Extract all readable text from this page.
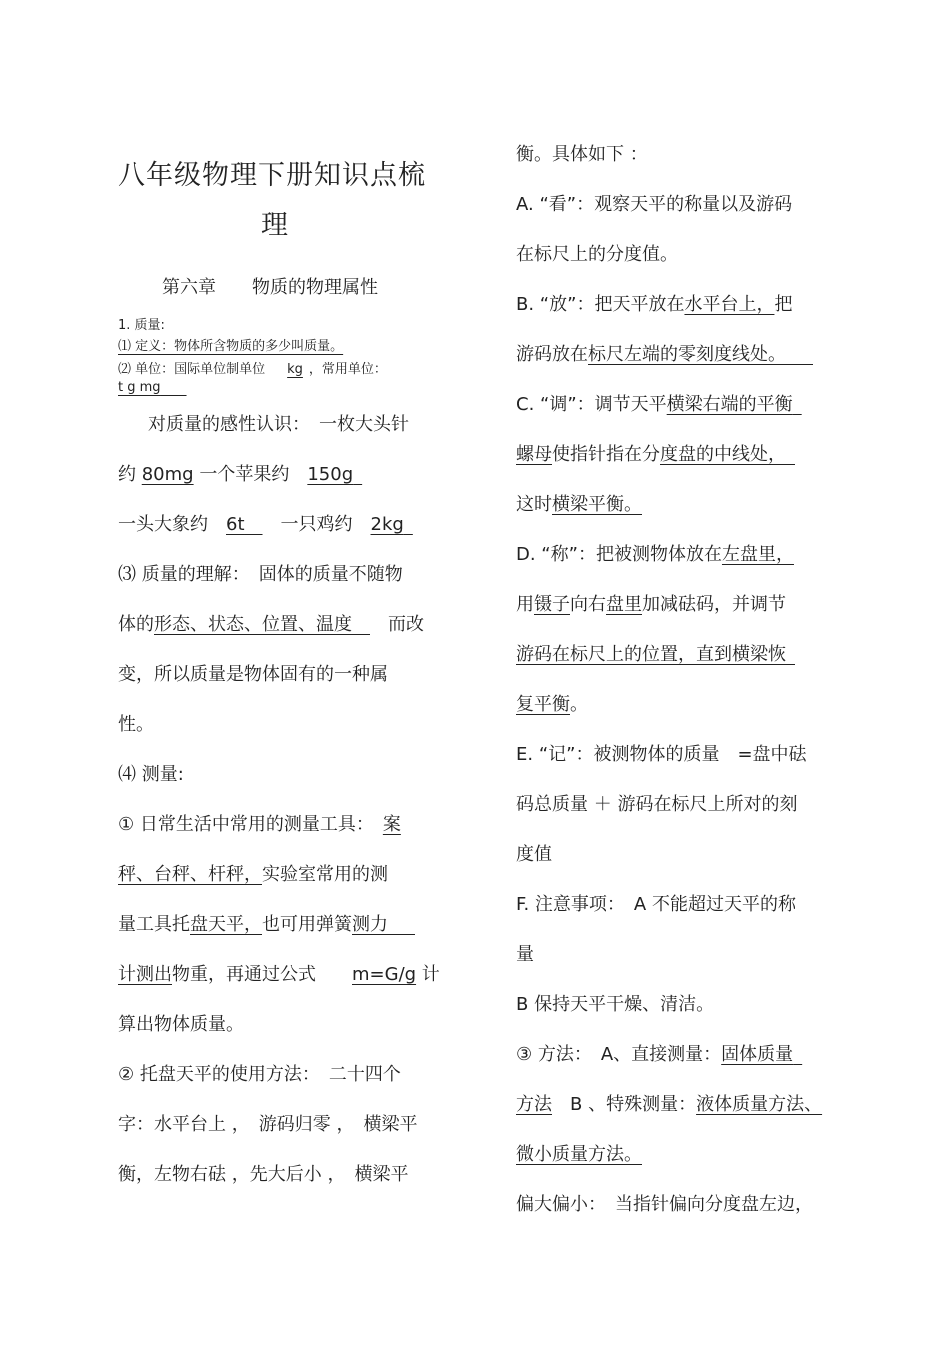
八年级物理下册知识点梳
理
第六章　　物质的物理属性
1. 质量:
⑴ 定义：物体所含物质的多少叫质量。
⑵ 单位：国际单位制单位 kg ，常用单位：
t g mg  
对质量的感性认识：　一枚大头针
约 80mg 一个苹果约　150g 
一头大象约　6t 　一只鸡约　2kg 
⑶ 质量的理解：　固体的质量不随物
体的形态、状态、位置、温度 　而改
变，所以质量是物体固有的一种属
性。
⑷ 测量:
① 日常生活中常用的测量工具：　案
秤、台秤、杆秤，实验室常用的测
量工具托盘天平，也可用弹簧测力  
计测出物重，再通过公式　　m=G/g 计
算出物体质量。
② 托盘天平的使用方法：　二十四个
字：水平台上 ，　游码归零 ，　横梁平
衡，左物右砝 ，先大后小 ，　横梁平
衡。具体如下 ：
A. “看”：观察天平的称量以及游码
在标尺上的分度值。
B. “放”：把天平放在水平台上，把
游码放在标尺左端的零刻度线处。  
C. “调”：调节天平横梁右端的平衡 
螺母使指针指在分度盘的中线处， 
这时横梁平衡。
D. “称”：把被测物体放在左盘里，
用镊子向右盘里加减砝码，并调节
游码在标尺上的位置，直到横梁恢 
复平衡。
E. “记”：被测物体的质量　=盘中砝
码总质量 ＋ 游码在标尺上所对的刻
度值
F. 注意事项：　A 不能超过天平的称
量
B 保持天平干燥、清洁。
③ 方法：　A、直接测量：固体质量 
方法　B 、特殊测量：液体质量方法、
微小质量方法。
偏大偏小：　当指针偏向分度盘左边，
